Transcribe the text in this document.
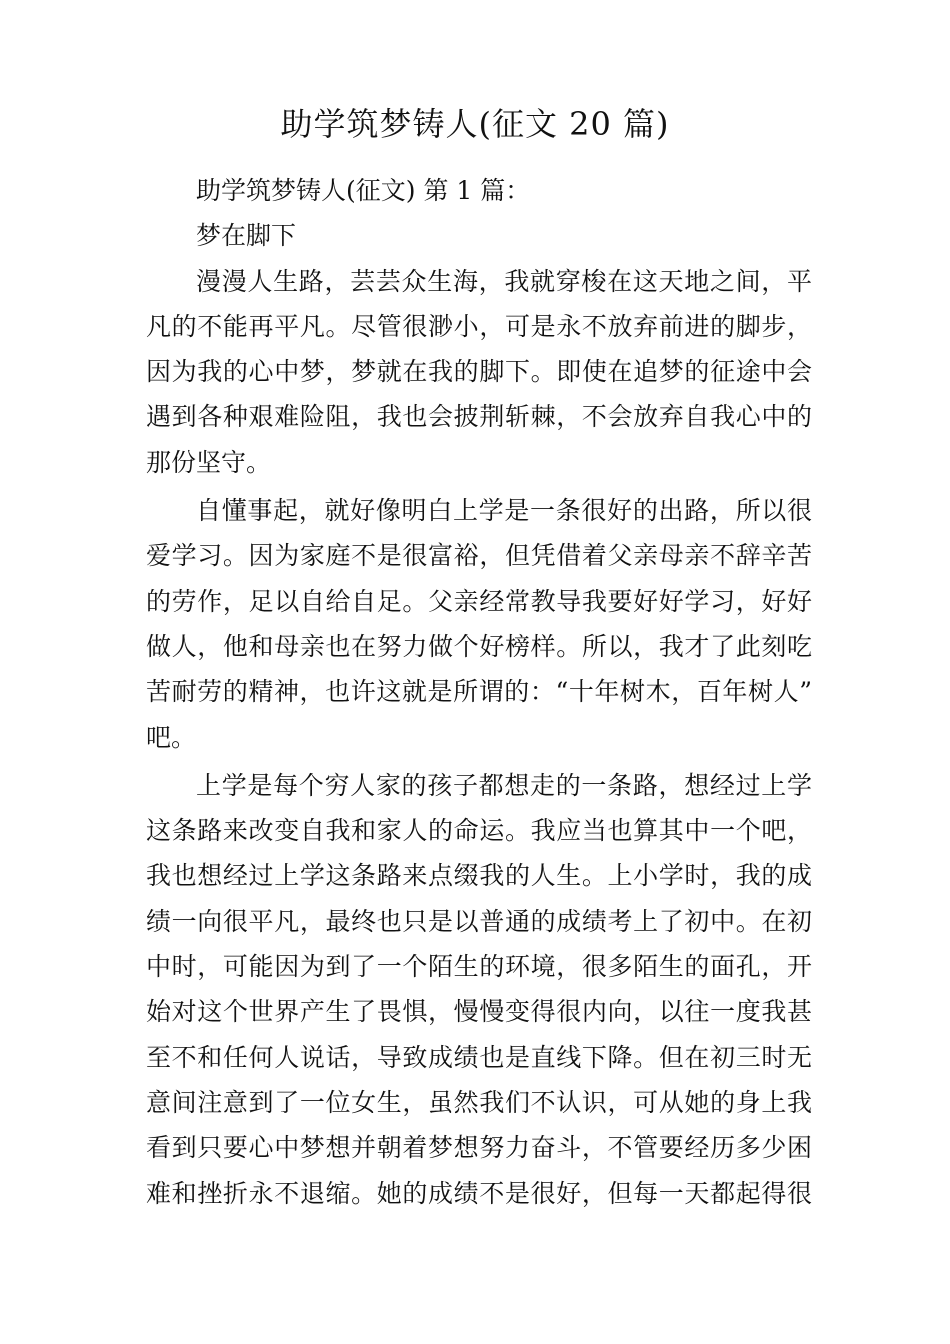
助学筑梦铸人(征文 20 篇)
助学筑梦铸人(征文) 第 1 篇：
梦在脚下
漫漫人生路，芸芸众生海，我就穿梭在这天地之间，平
凡的不能再平凡。尽管很渺小，可是永不放弃前进的脚步，
因为我的心中梦，梦就在我的脚下。即使在追梦的征途中会
遇到各种艰难险阻，我也会披荆斩棘，不会放弃自我心中的
那份坚守。
自懂事起，就好像明白上学是一条很好的出路，所以很
爱学习。因为家庭不是很富裕，但凭借着父亲母亲不辞辛苦
的劳作，足以自给自足。父亲经常教导我要好好学习，好好
做人，他和母亲也在努力做个好榜样。所以，我才了此刻吃
苦耐劳的精神，也许这就是所谓的：“十年树木，百年树人”
吧。
上学是每个穷人家的孩子都想走的一条路，想经过上学
这条路来改变自我和家人的命运。我应当也算其中一个吧，
我也想经过上学这条路来点缀我的人生。上小学时，我的成
绩一向很平凡，最终也只是以普通的成绩考上了初中。在初
中时，可能因为到了一个陌生的环境，很多陌生的面孔，开
始对这个世界产生了畏惧，慢慢变得很内向，以往一度我甚
至不和任何人说话，导致成绩也是直线下降。但在初三时无
意间注意到了一位女生，虽然我们不认识，可从她的身上我
看到只要心中梦想并朝着梦想努力奋斗，不管要经历多少困
难和挫折永不退缩。她的成绩不是很好，但每一天都起得很
